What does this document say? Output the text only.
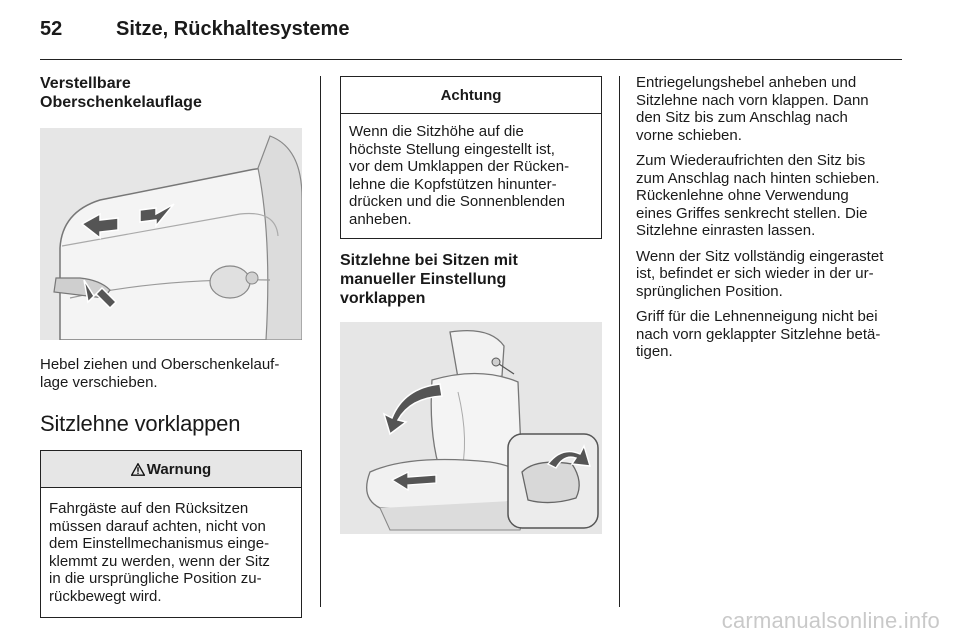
52	Sitze, Rückhaltesysteme
Verstellbare
Oberschenkelauflage

Hebel ziehen und Oberschenkelauf-
lage verschieben.

Sitzlehne vorklappen
Warnung
Fahrgäste auf den Rücksitzen
müssen darauf achten, nicht von
dem Einstellmechanismus einge-
klemmt zu werden, wenn der Sitz
in die ursprüngliche Position zu-
rückbewegt wird.
Achtung
Wenn die Sitzhöhe auf die
höchste Stellung eingestellt ist,
vor dem Umklappen der Rücken-
lehne die Kopfstützen hinunter-
drücken und die Sonnenblenden
anheben.
Sitzlehne bei Sitzen mit
manueller Einstellung
vorklappen

Entriegelungshebel anheben und
Sitzlehne nach vorn klappen. Dann
den Sitz bis zum Anschlag nach
vorne schieben.

Zum Wiederaufrichten den Sitz bis
zum Anschlag nach hinten schieben.
Rückenlehne ohne Verwendung
eines Griffes senkrecht stellen. Die
Sitzlehne einrasten lassen.

Wenn der Sitz vollständig eingerastet
ist, befindet er sich wieder in der ur-
sprünglichen Position.

Griff für die Lehnenneigung nicht bei
nach vorn geklappter Sitzlehne betä-
tigen.

carmanualsonline.info
